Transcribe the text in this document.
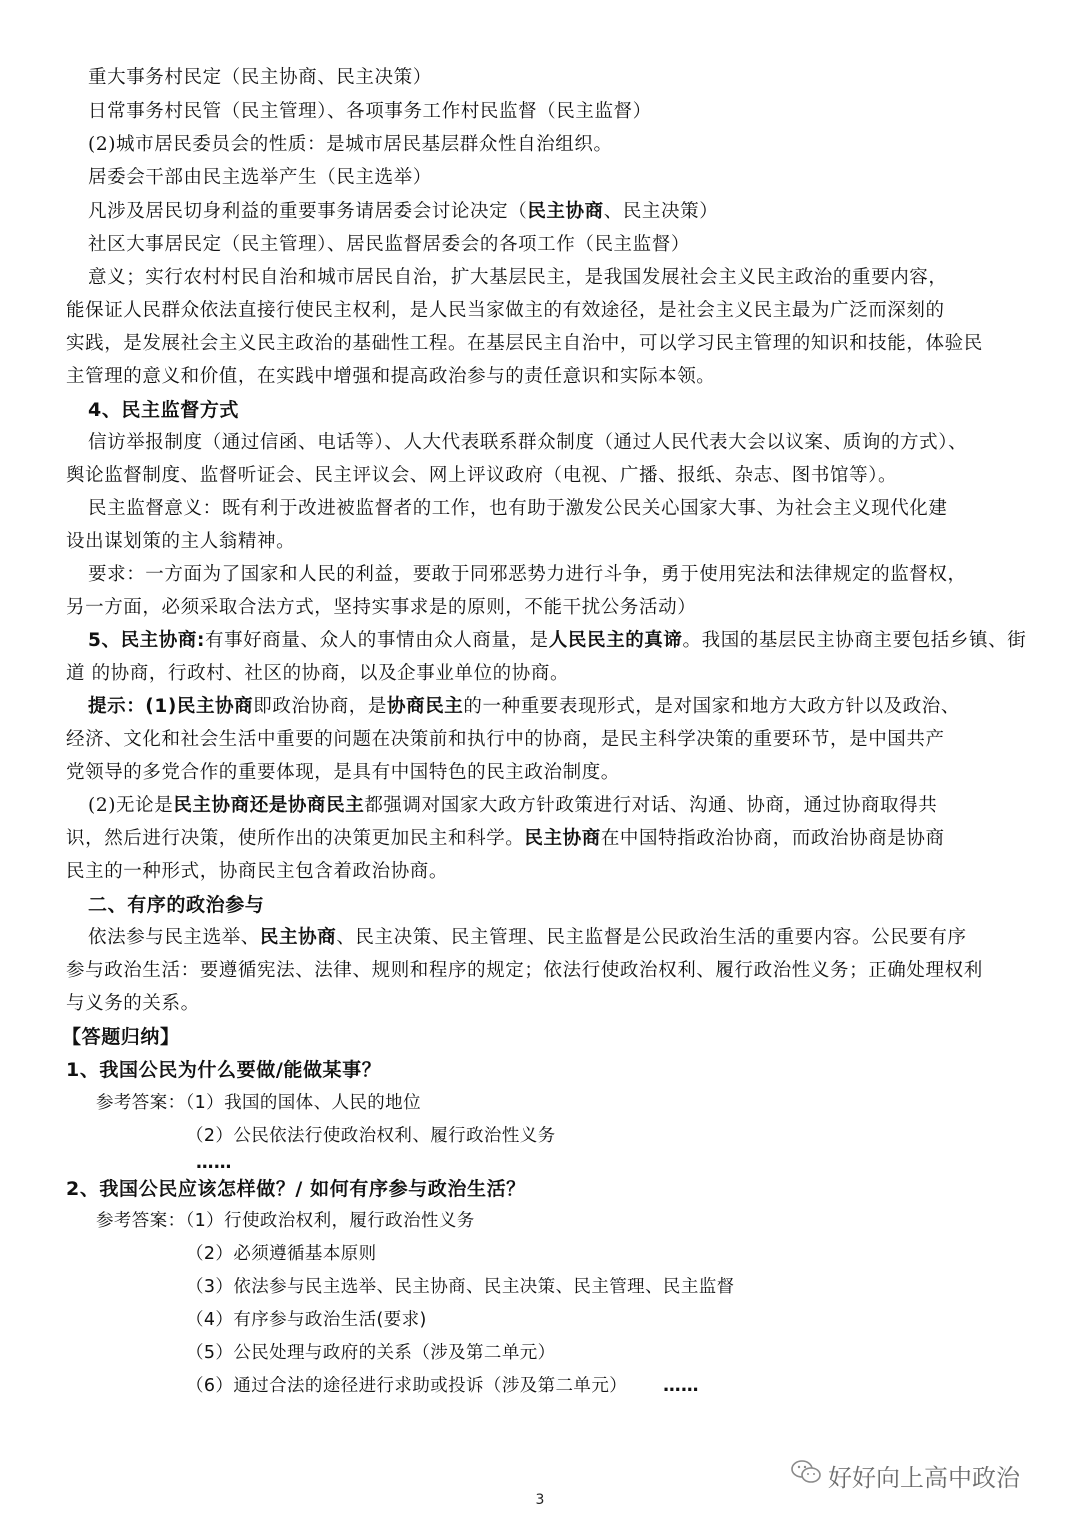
重大事务村民定（民主协商、民主决策）
日常事务村民管（民主管理）、各项事务工作村民监督（民主监督）
(2)城市居民委员会的性质：是城市居民基层群众性自治组织。
居委会干部由民主选举产生（民主选举）
凡涉及居民切身利益的重要事务请居委会讨论决定（民主协商、民主决策）
社区大事居民定（民主管理）、居民监督居委会的各项工作（民主监督）
意义；实行农村村民自治和城市居民自治，扩大基层民主，是我国发展社会主义民主政治的重要内容，
能保证人民群众依法直接行使民主权利，是人民当家做主的有效途径，是社会主义民主最为广泛而深刻的
实践，是发展社会主义民主政治的基础性工程。在基层民主自治中，可以学习民主管理的知识和技能，体验民
主管理的意义和价值，在实践中增强和提高政治参与的责任意识和实际本领。
4、民主监督方式
信访举报制度（通过信函、电话等）、人大代表联系群众制度（通过人民代表大会以议案、质询的方式）、
舆论监督制度、监督听证会、民主评议会、网上评议政府（电视、广播、报纸、杂志、图书馆等）。
民主监督意义：既有利于改进被监督者的工作，也有助于激发公民关心国家大事、为社会主义现代化建
设出谋划策的主人翁精神。
要求：一方面为了国家和人民的利益，要敢于同邪恶势力进行斗争，勇于使用宪法和法律规定的监督权，
另一方面，必须采取合法方式，坚持实事求是的原则，不能干扰公务活动）
5、民主协商:有事好商量、众人的事情由众人商量，是人民民主的真谛。我国的基层民主协商主要包括乡镇、街
道 的协商，行政村、社区的协商，以及企事业单位的协商。
提示：(1)民主协商即政治协商，是协商民主的一种重要表现形式，是对国家和地方大政方针以及政治、
经济、文化和社会生活中重要的问题在决策前和执行中的协商，是民主科学决策的重要环节，是中国共产
党领导的多党合作的重要体现，是具有中国特色的民主政治制度。
(2)无论是民主协商还是协商民主都强调对国家大政方针政策进行对话、沟通、协商，通过协商取得共
识，然后进行决策，使所作出的决策更加民主和科学。民主协商在中国特指政治协商，而政治协商是协商
民主的一种形式，协商民主包含着政治协商。
二、有序的政治参与
依法参与民主选举、民主协商、民主决策、民主管理、民主监督是公民政治生活的重要内容。公民要有序
参与政治生活：要遵循宪法、法律、规则和程序的规定；依法行使政治权利、履行政治性义务；正确处理权利
与义务的关系。
【答题归纳】
1、我国公民为什么要做/能做某事？
参考答案：（1）我国的国体、人民的地位
（2）公民依法行使政治权利、履行政治性义务
……
2、我国公民应该怎样做？/ 如何有序参与政治生活？
参考答案：（1）行使政治权利，履行政治性义务
（2）必须遵循基本原则
（3）依法参与民主选举、民主协商、民主决策、民主管理、民主监督
（4）有序参与政治生活(要求)
（5）公民处理与政府的关系（涉及第二单元）
（6）通过合法的途径进行求助或投诉（涉及第二单元） ……
好好向上高中政治
3
